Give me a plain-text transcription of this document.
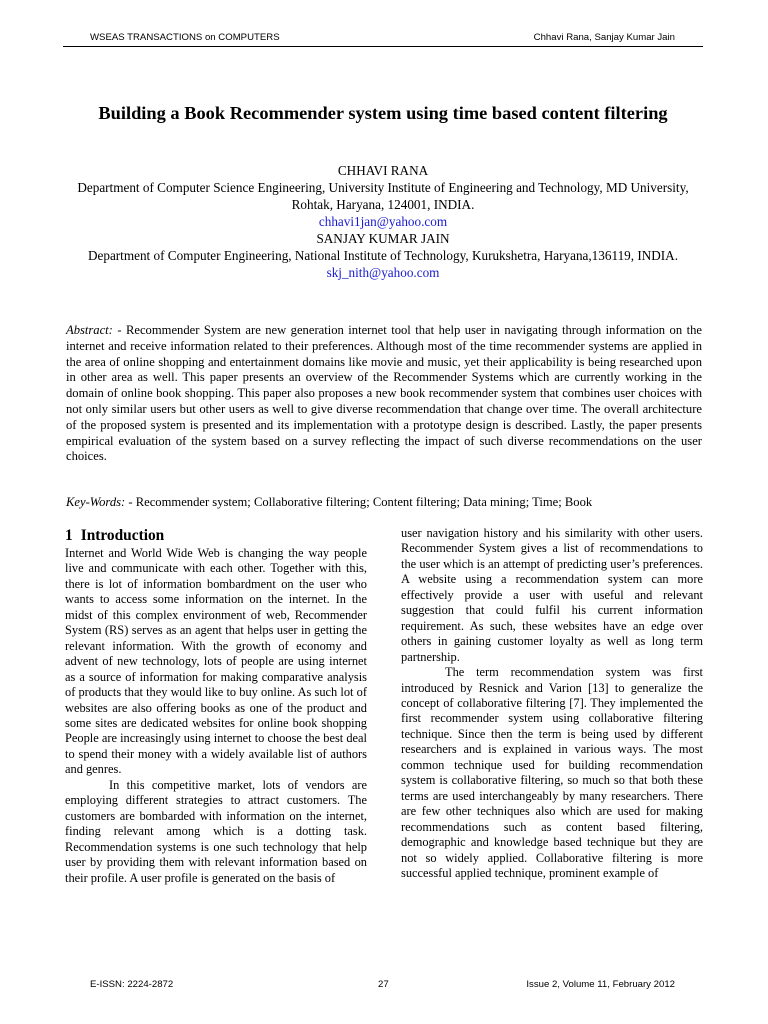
WSEAS TRANSACTIONS on COMPUTERS	Chhavi Rana, Sanjay Kumar Jain
Building a Book Recommender system using time based content filtering
CHHAVI RANA
Department of Computer Science Engineering, University Institute of Engineering and Technology, MD University, Rohtak, Haryana, 124001, INDIA.
chhavi1jan@yahoo.com
SANJAY KUMAR JAIN
Department of Computer Engineering, National Institute of Technology, Kurukshetra, Haryana,136119, INDIA.
skj_nith@yahoo.com

Abstract: - Recommender System are new generation internet tool that help user in navigating through information on the internet and receive information related to their preferences. Although most of the time recommender systems are applied in the area of online shopping and entertainment domains like movie and music, yet their applicability is being researched upon in other area as well. This paper presents an overview of the Recommender Systems which are currently working in the domain of online book shopping. This paper also proposes a new book recommender system that combines user choices with not only similar users but other users as well to give diverse recommendation that change over time. The overall architecture of the proposed system is presented and its implementation with a prototype design is described. Lastly, the paper presents empirical evaluation of the system based on a survey reflecting the impact of such diverse recommendations on the user choices.

Key-Words: - Recommender system; Collaborative filtering; Content filtering; Data mining; Time; Book
1 Introduction

Internet and World Wide Web is changing the way people live and communicate with each other. Together with this, there is lot of information bombardment on the user who wants to access some information on the internet. In the midst of this complex environment of web, Recommender System (RS) serves as an agent that helps user in getting the relevant information. With the growth of economy and advent of new technology, lots of people are using internet as a source of information for making comparative analysis of products that they would like to buy online. As such lot of websites are also offering books as one of the product and some sites are dedicated websites for online book shopping People are increasingly using internet to choose the best deal to spend their money with a widely available list of authors and genres.

In this competitive market, lots of vendors are employing different strategies to attract customers. The customers are bombarded with information on the internet, finding relevant among which is a dotting task. Recommendation systems is one such technology that help user by providing them with relevant information based on their profile. A user profile is generated on the basis of

user navigation history and his similarity with other users. Recommender System gives a list of recommendations to the user which is an attempt of predicting user’s preferences. A website using a recommendation system can more effectively provide a user with useful and relevant suggestion that could fulfil his current information requirement. As such, these websites have an edge over others in gaining customer loyalty as well as long term partnership.

The term recommendation system was first introduced by Resnick and Varion [13] to generalize the concept of collaborative filtering [7]. They implemented the first recommender system using collaborative filtering technique. Since then the term is being used by different researchers and is explained in various ways. The most common technique used for building recommendation system is collaborative filtering, so much so that both these terms are used interchangeably by many researchers. There are few other techniques also which are used for making recommendations such as content based filtering, demographic and knowledge based technique but they are not so widely applied. Collaborative filtering is more successful applied technique, prominent example of

E-ISSN: 2224-2872	27	Issue 2, Volume 11, February 2012
